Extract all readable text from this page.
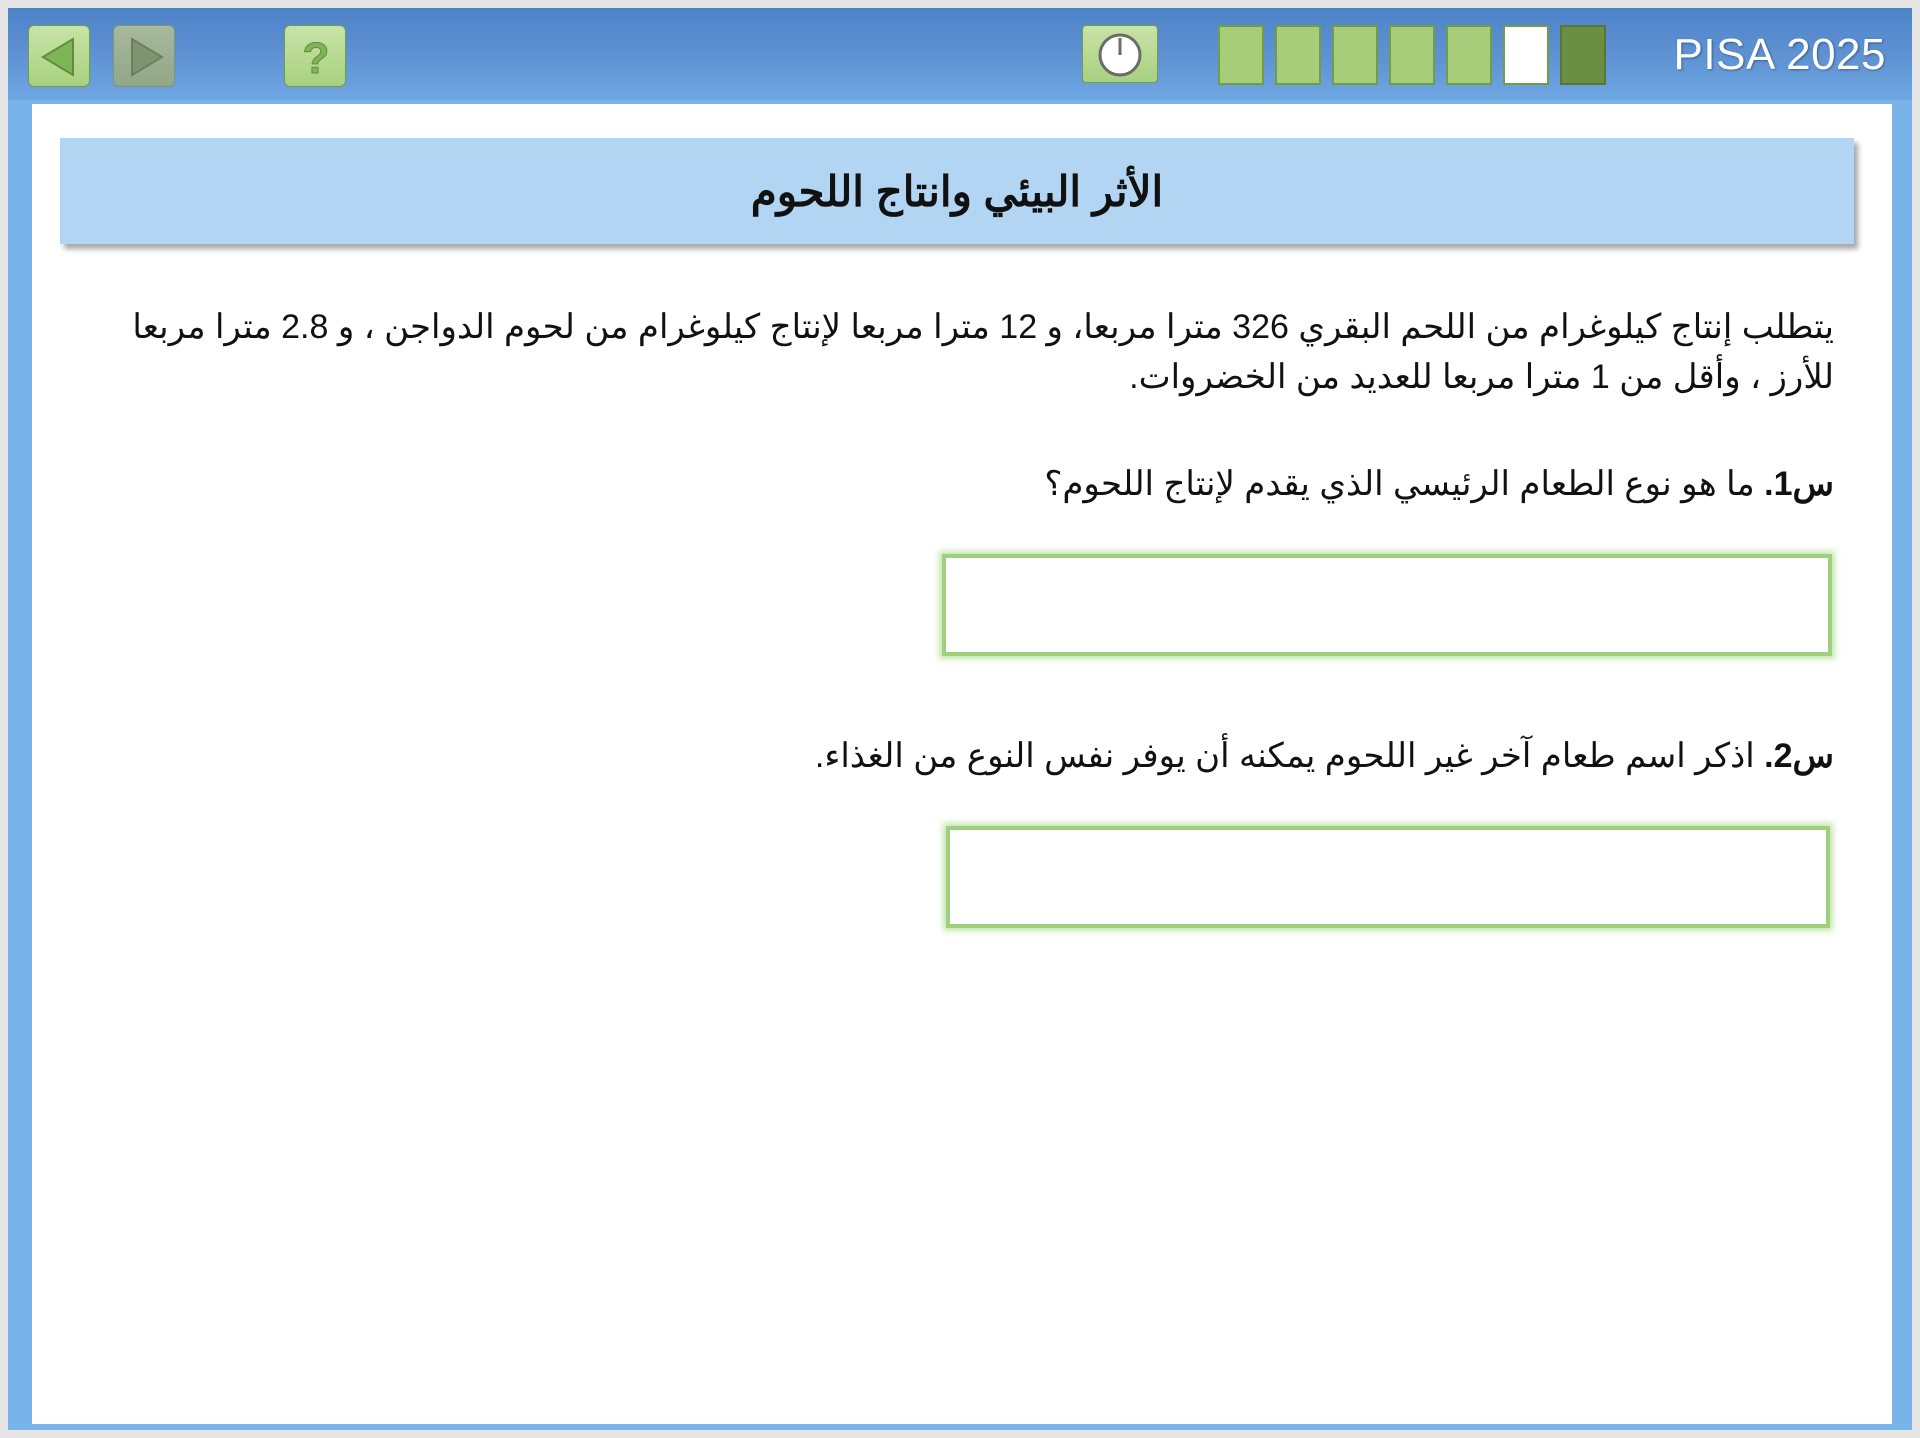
?	PISA 2025
الأثر البيئي وانتاج اللحوم
يتطلب إنتاج كيلوغرام من اللحم البقري 326 مترا مربعا، و 12 مترا مربعا لإنتاج كيلوغرام من لحوم الدواجن ، و 2.8 مترا مربعا للأرز ، وأقل من 1 مترا مربعا للعديد من الخضروات.
س1. ما هو نوع الطعام الرئيسي الذي يقدم لإنتاج اللحوم؟
س2. اذكر اسم طعام آخر غير اللحوم يمكنه أن يوفر نفس النوع من الغذاء.
